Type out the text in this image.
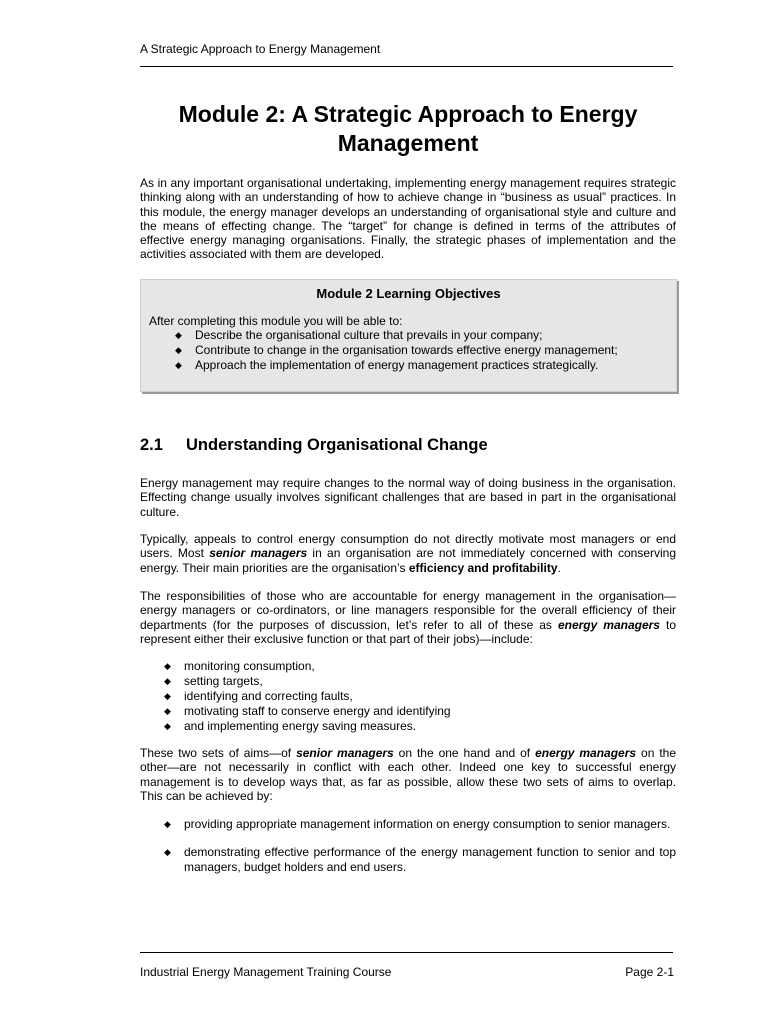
A Strategic Approach to Energy Management
Module 2: A Strategic Approach to Energy
Management
As in any important organisational undertaking, implementing energy management requires strategic thinking along with an understanding of how to achieve change in “business as usual” practices. In this module, the energy manager develops an understanding of organisational style and culture and the means of effecting change. The “target” for change is defined in terms of the attributes of effective energy managing organisations. Finally, the strategic phases of implementation and the activities associated with them are developed.
Module 2 Learning Objectives
After completing this module you will be able to:
◆ Describe the organisational culture that prevails in your company;
◆ Contribute to change in the organisation towards effective energy management;
◆ Approach the implementation of energy management practices strategically.
2.1 Understanding Organisational Change
Energy management may require changes to the normal way of doing business in the organisation. Effecting change usually involves significant challenges that are based in part in the organisational culture.
Typically, appeals to control energy consumption do not directly motivate most managers or end users. Most senior managers in an organisation are not immediately concerned with conserving energy. Their main priorities are the organisation’s efficiency and profitability.
The responsibilities of those who are accountable for energy management in the organisation—energy managers or co-ordinators, or line managers responsible for the overall efficiency of their departments (for the purposes of discussion, let’s refer to all of these as energy managers to represent either their exclusive function or that part of their jobs)—include:
◆ monitoring consumption,
◆ setting targets,
◆ identifying and correcting faults,
◆ motivating staff to conserve energy and identifying
◆ and implementing energy saving measures.
These two sets of aims—of senior managers on the one hand and of energy managers on the other—are not necessarily in conflict with each other. Indeed one key to successful energy management is to develop ways that, as far as possible, allow these two sets of aims to overlap. This can be achieved by:
◆ providing appropriate management information on energy consumption to senior managers.
◆ demonstrating effective performance of the energy management function to senior and top managers, budget holders and end users.
Industrial Energy Management Training Course	Page 2-1
